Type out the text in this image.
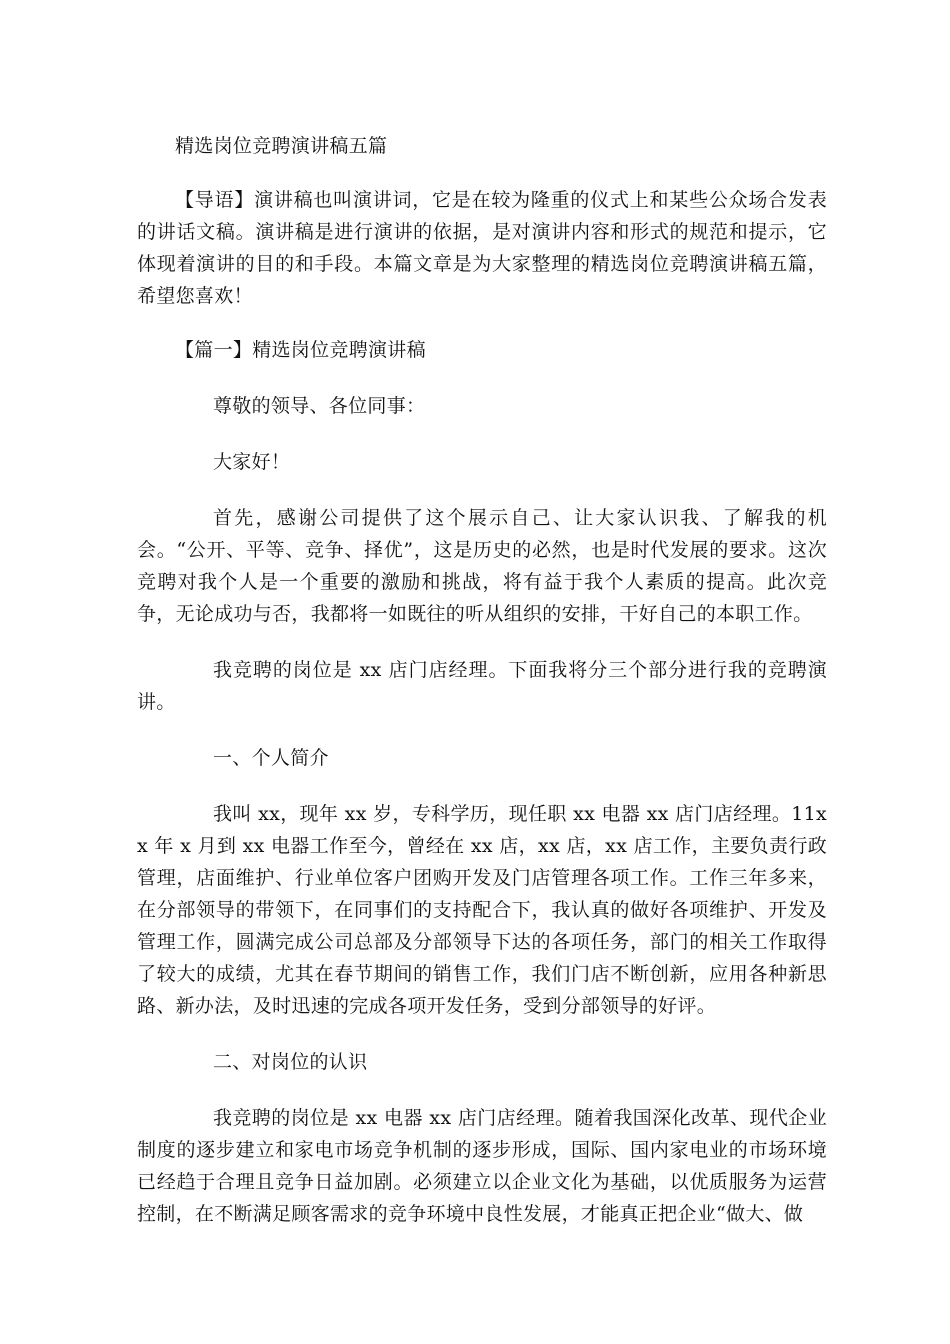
精选岗位竞聘演讲稿五篇

【导语】演讲稿也叫演讲词，它是在较为隆重的仪式上和某些公众场合发表的讲话文稿。演讲稿是进行演讲的依据，是对演讲内容和形式的规范和提示，它体现着演讲的目的和手段。本篇文章是为大家整理的精选岗位竞聘演讲稿五篇，希望您喜欢！

【篇一】精选岗位竞聘演讲稿

尊敬的领导、各位同事：

大家好！

首先，感谢公司提供了这个展示自己、让大家认识我、了解我的机会。“公开、平等、竞争、择优”，这是历史的必然，也是时代发展的要求。这次竞聘对我个人是一个重要的激励和挑战，将有益于我个人素质的提高。此次竞争，无论成功与否，我都将一如既往的听从组织的安排，干好自己的本职工作。

我竞聘的岗位是 xx 店门店经理。下面我将分三个部分进行我的竞聘演讲。

一、个人简介

我叫 xx，现年 xx 岁，专科学历，现任职 xx 电器 xx 店门店经理。11xx 年 x 月到 xx 电器工作至今，曾经在 xx 店，xx 店，xx 店工作，主要负责行政管理，店面维护、行业单位客户团购开发及门店管理各项工作。工作三年多来，在分部领导的带领下，在同事们的支持配合下，我认真的做好各项维护、开发及管理工作，圆满完成公司总部及分部领导下达的各项任务，部门的相关工作取得了较大的成绩，尤其在春节期间的销售工作，我们门店不断创新，应用各种新思路、新办法，及时迅速的完成各项开发任务，受到分部领导的好评。

二、对岗位的认识

我竞聘的岗位是 xx 电器 xx 店门店经理。随着我国深化改革、现代企业制度的逐步建立和家电市场竞争机制的逐步形成，国际、国内家电业的市场环境已经趋于合理且竞争日益加剧。必须建立以企业文化为基础，以优质服务为运营控制，在不断满足顾客需求的竞争环境中良性发展，才能真正把企业“做大、做
